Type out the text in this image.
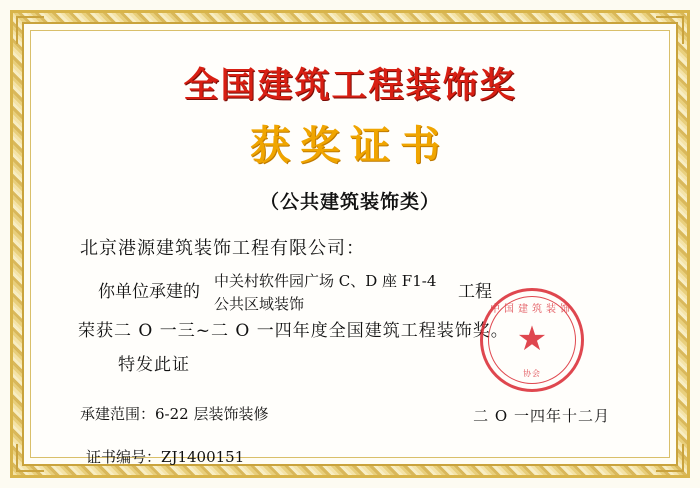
全国建筑工程装饰奖
获奖证书
（公共建筑装饰类）
北京港源建筑装饰工程有限公司：
你单位承建的
中关村软件园广场 C、D 座 F1-4 公共区域装饰
工程
荣获二 O 一三~二 O 一四年度全国建筑工程装饰奖。
特发此证
承建范围：6-22 层装饰装修
证书编号：ZJ1400151
中国建筑装饰
★
协会
二 O 一四年十二月
